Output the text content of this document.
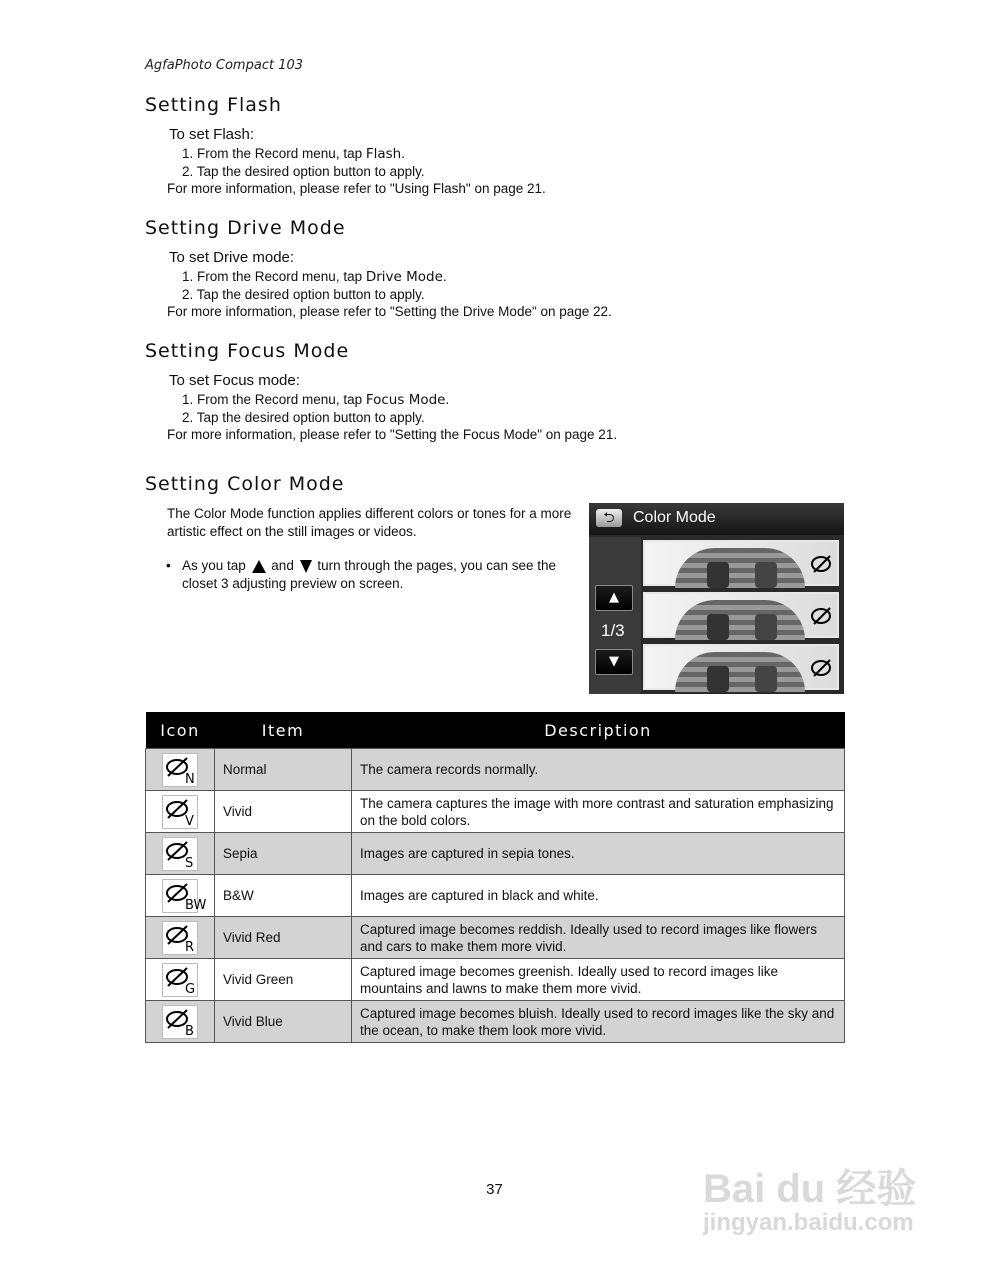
AgfaPhoto Compact 103
Setting Flash
To set Flash:
1. From the Record menu, tap Flash.
2. Tap the desired option button to apply.
For more information, please refer to "Using Flash" on page 21.
Setting Drive Mode
To set Drive mode:
1. From the Record menu, tap Drive Mode.
2. Tap the desired option button to apply.
For more information, please refer to "Setting the Drive Mode" on page 22.
Setting Focus Mode
To set Focus mode:
1. From the Record menu, tap Focus Mode.
2. Tap the desired option button to apply.
For more information, please refer to "Setting the Focus Mode" on page 21.
Setting Color Mode
The Color Mode function applies different colors or tones for a more artistic effect on the still images or videos.
• As you tap  and  turn through the pages, you can see the closet 3 adjusting preview on screen.
⮌	Color Mode
▲
1/3
▼
Icon	Item	Description

N	Normal	The camera records normally.

V	Vivid	The camera captures the image with more contrast and saturation emphasizing on the bold colors.

S	Sepia	Images are captured in sepia tones.

BW	B&W	Images are captured in black and white.

R	Vivid Red	Captured image becomes reddish. Ideally used to record images like flowers and cars to make them more vivid.

G	Vivid Green	Captured image becomes greenish. Ideally used to record images like mountains and lawns to make them more vivid.

B	Vivid Blue	Captured image becomes bluish. Ideally used to record images like the sky and the ocean, to make them look more vivid.
37	Bai du 经验
jingyan.baidu.com
